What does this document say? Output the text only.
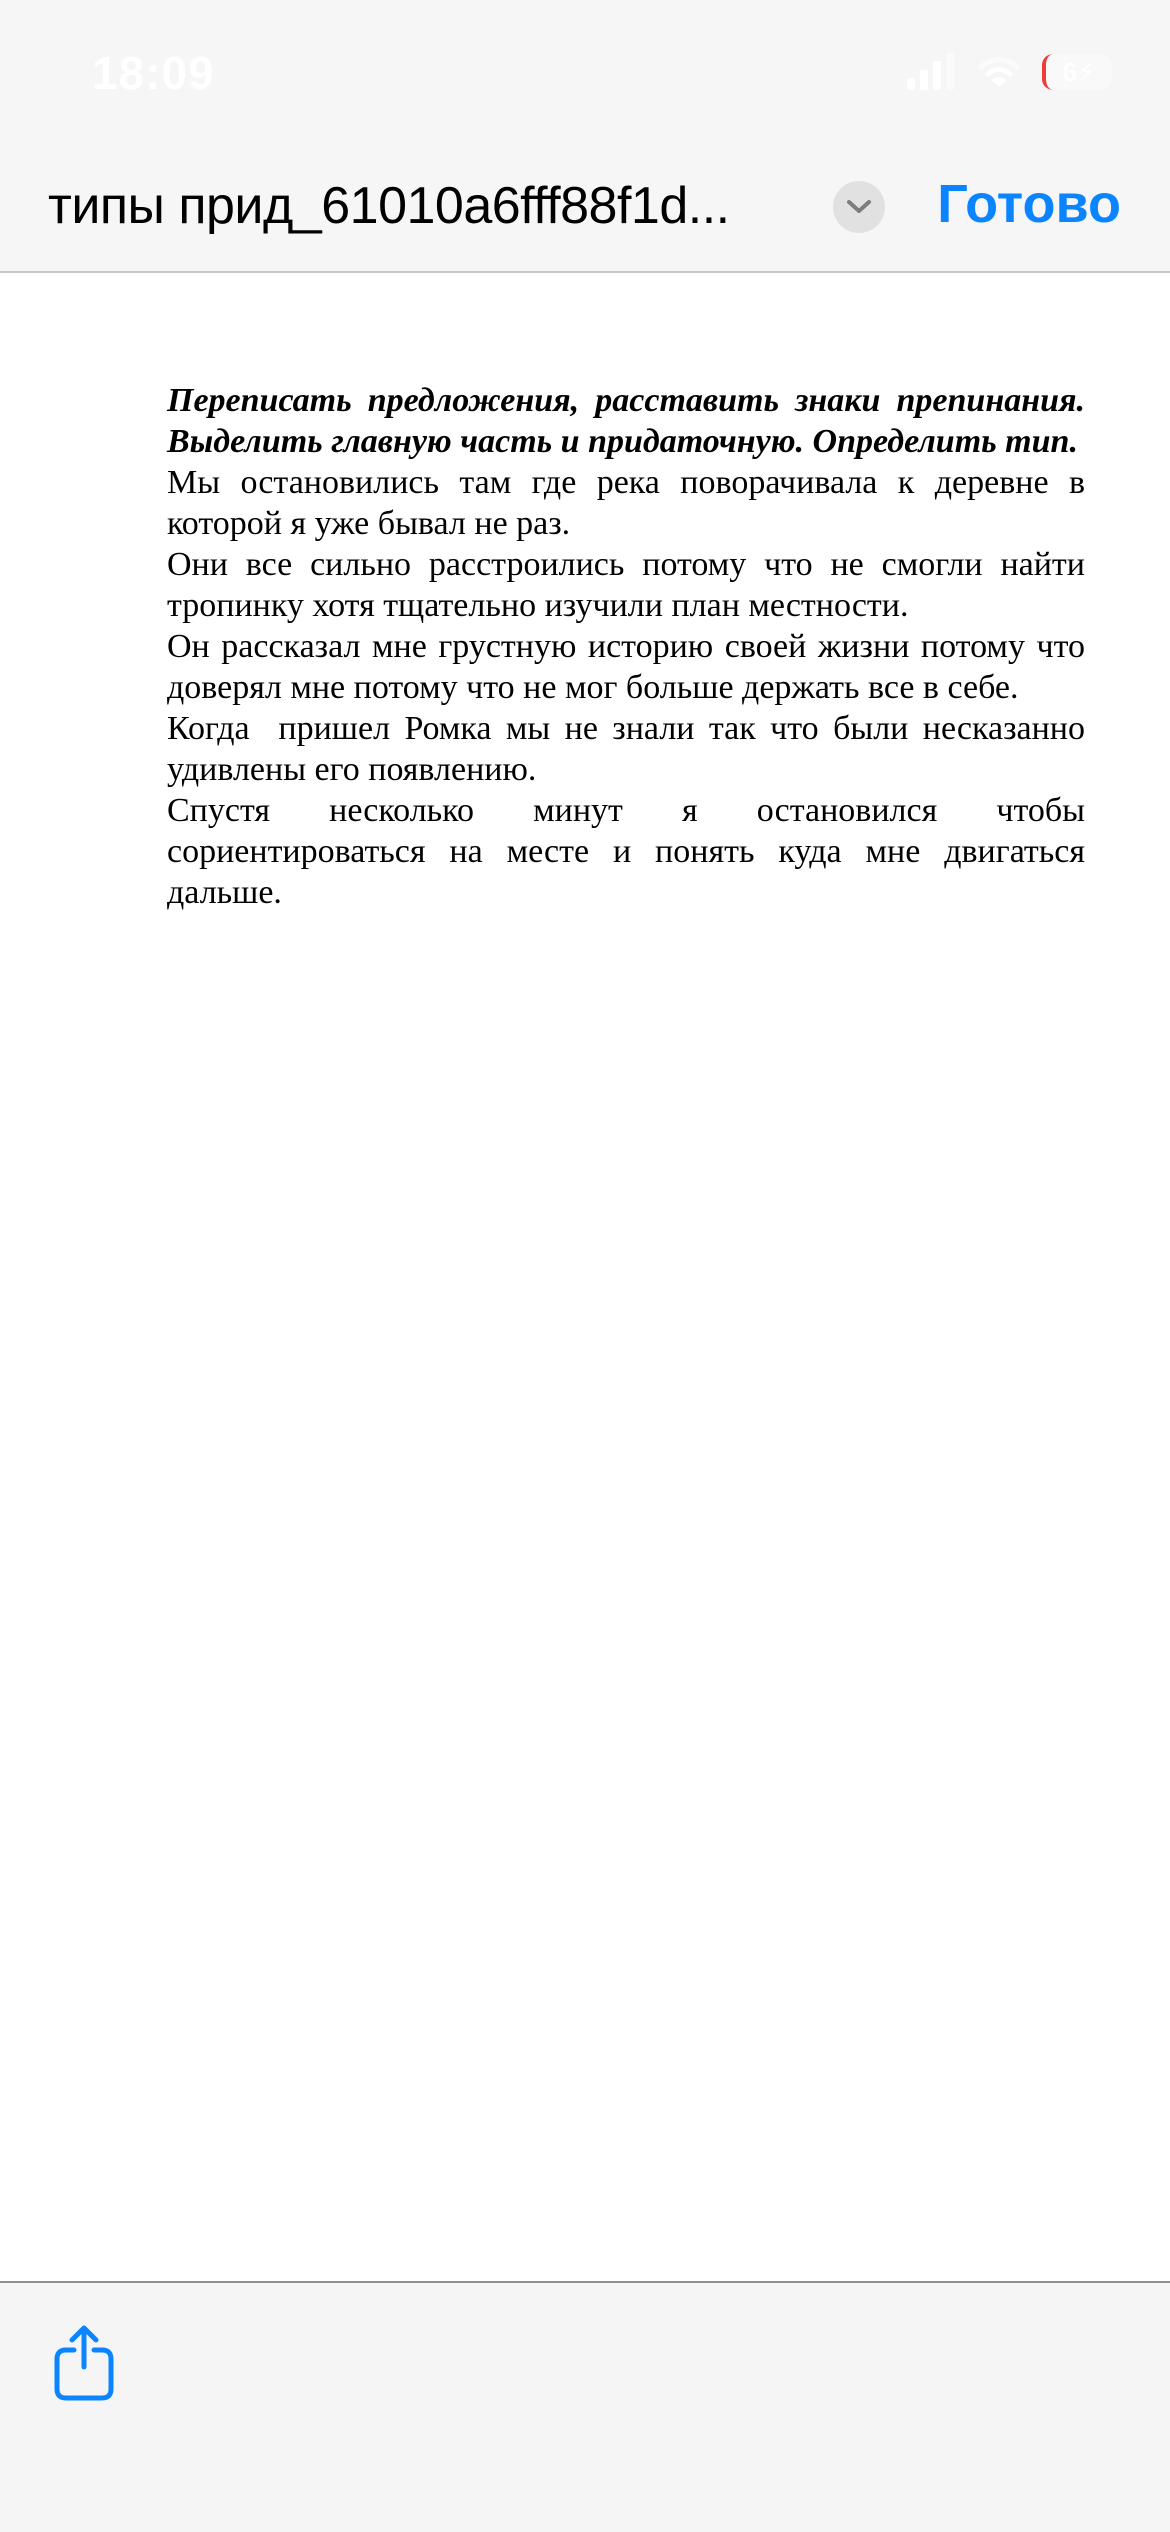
18:09	6 ⚡
типы прид_61010a6fff88f1d...	Готово

Переписать предложения, расставить знаки препинания. Выделить главную часть и придаточную. Определить тип.

Мы остановились там где река поворачивала к деревне в которой я уже бывал не раз.

Они все сильно расстроились потому что не смогли найти тропинку хотя тщательно изучили план местности.

Он рассказал мне грустную историю своей жизни потому что доверял мне потому что не мог больше держать все в себе.

Когда  пришел Ромка мы не знали так что были несказанно удивлены его появлению.

Спустя несколько минут я остановился чтобы сориентироваться на месте и понять куда мне двигаться дальше.
